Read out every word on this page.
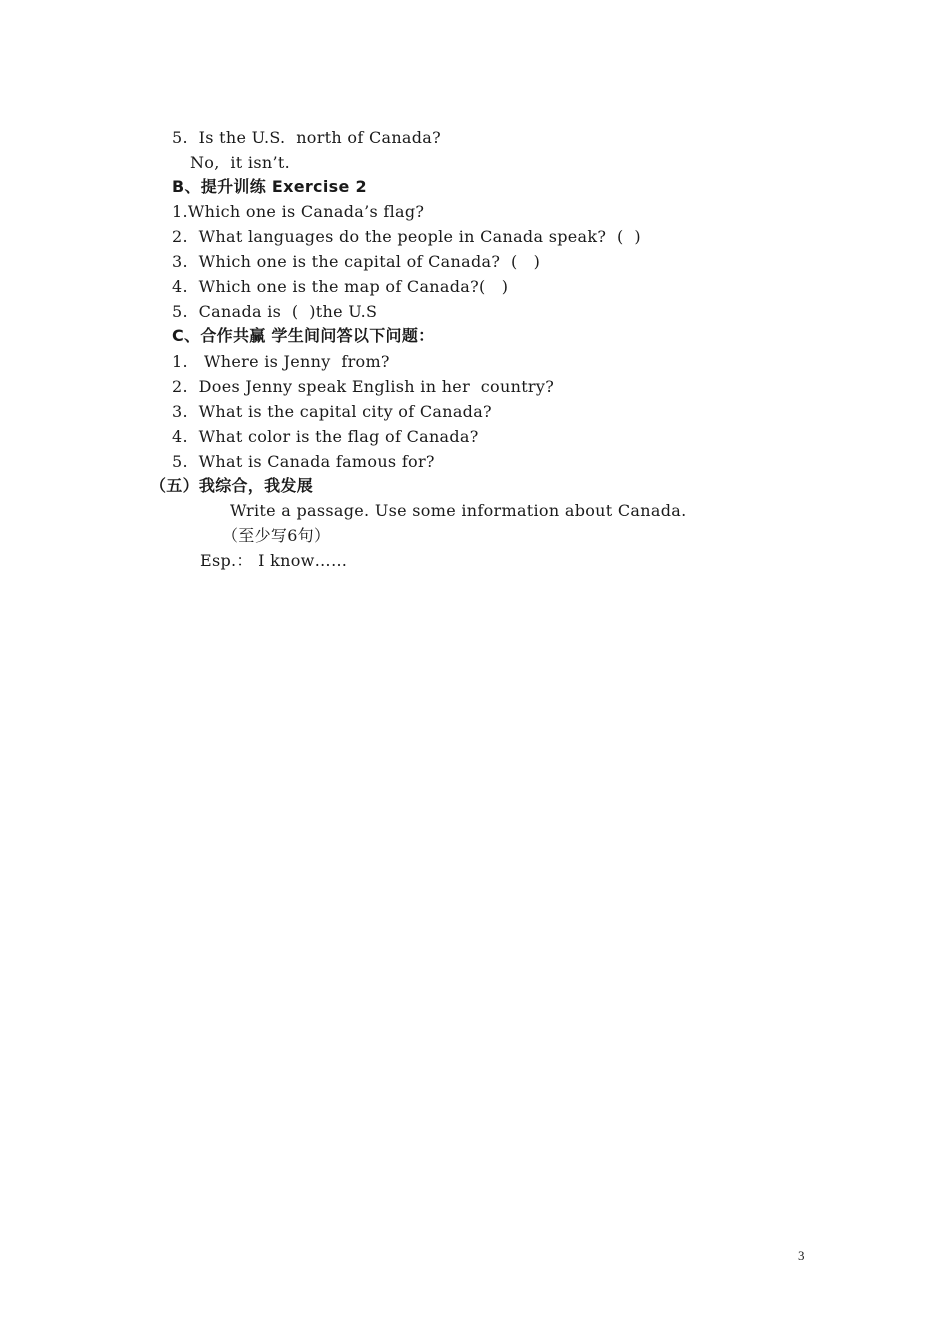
5.  Is the U.S.  north of Canada?
No,  it isn’t.
B、提升训练 Exercise 2
1.Which one is Canada’s flag?
2.  What languages do the people in Canada speak?  (  )
3.  Which one is the capital of Canada?  (   )
4.  Which one is the map of Canada?(   )
5.  Canada is  (  )the U.S
C、合作共赢 学生间问答以下问题：
1.   Where is Jenny  from?
2.  Does Jenny speak English in her  country?
3.  What is the capital city of Canada?
4.  What color is the flag of Canada?
5.  What is Canada famous for?
（五）我综合，我发展
Write a passage. Use some information about Canada.
（至少写6句）
Esp.： I know……
3
